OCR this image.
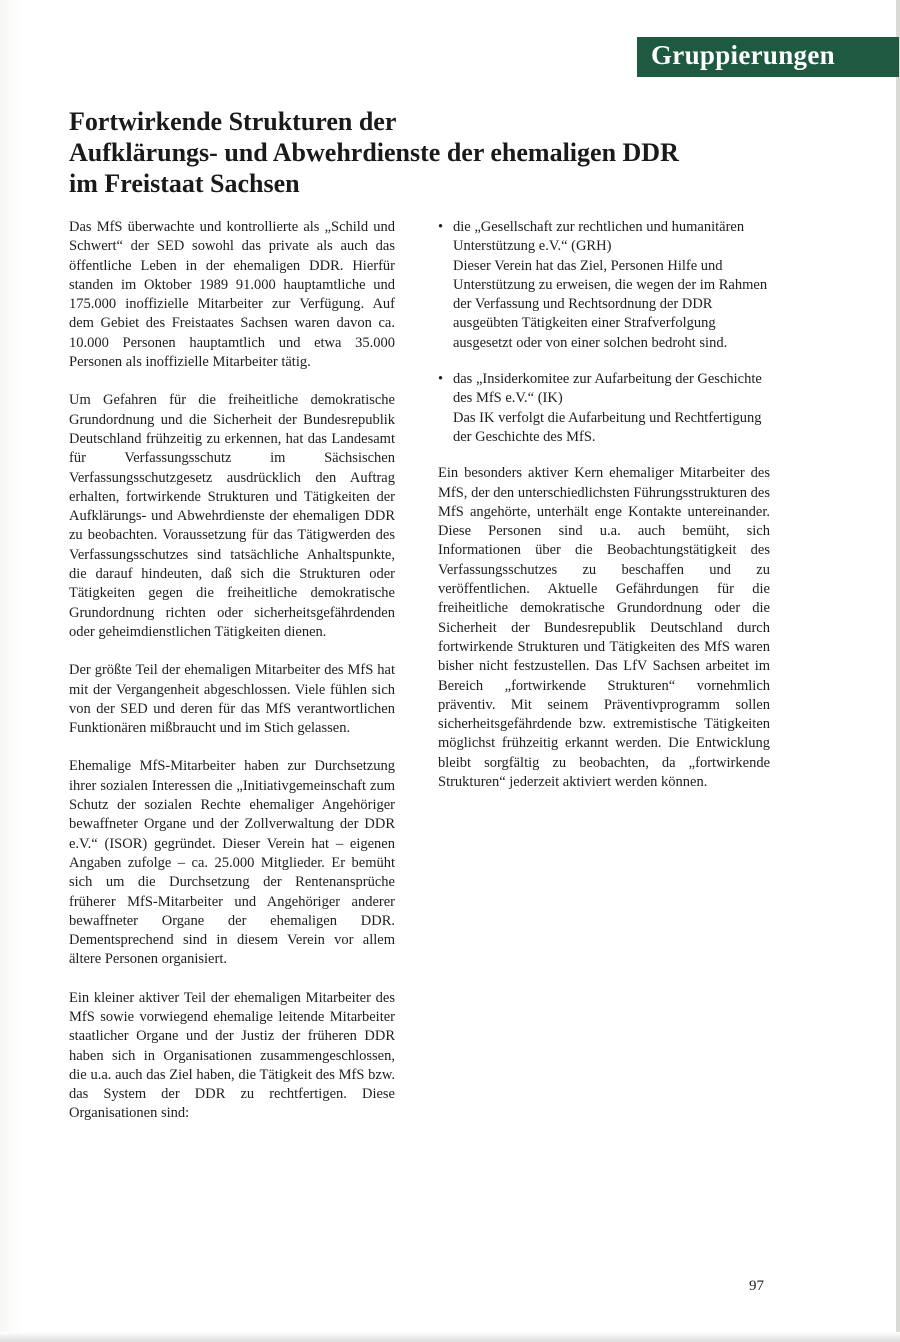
Gruppierungen
Fortwirkende Strukturen der
Aufklärungs- und Abwehrdienste der ehemaligen DDR
im Freistaat Sachsen

Das MfS überwachte und kontrollierte als „Schild und Schwert“ der SED sowohl das private als auch das öffentliche Leben in der ehemaligen DDR. Hierfür standen im Oktober 1989 91.000 hauptamtliche und 175.000 inoffizielle Mitarbeiter zur Verfügung. Auf dem Gebiet des Freistaates Sachsen waren davon ca. 10.000 Personen hauptamtlich und etwa 35.000 Personen als inoffizielle Mitarbeiter tätig.

Um Gefahren für die freiheitliche demokratische Grundordnung und die Sicherheit der Bundesrepublik Deutschland frühzeitig zu erkennen, hat das Landesamt für Verfassungsschutz im Sächsischen Verfassungsschutzgesetz ausdrücklich den Auftrag erhalten, fortwirkende Strukturen und Tätigkeiten der Aufklärungs- und Abwehrdienste der ehemaligen DDR zu beobachten. Voraussetzung für das Tätigwerden des Verfassungsschutzes sind tatsächliche Anhaltspunkte, die darauf hindeuten, daß sich die Strukturen oder Tätigkeiten gegen die freiheitliche demokratische Grundordnung richten oder sicherheitsgefährdenden oder geheimdienstlichen Tätigkeiten dienen.

Der größte Teil der ehemaligen Mitarbeiter des MfS hat mit der Vergangenheit abgeschlossen. Viele fühlen sich von der SED und deren für das MfS verantwortlichen Funktionären mißbraucht und im Stich gelassen.

Ehemalige MfS-Mitarbeiter haben zur Durchsetzung ihrer sozialen Interessen die „Initiativgemeinschaft zum Schutz der sozialen Rechte ehemaliger Angehöriger bewaffneter Organe und der Zollverwaltung der DDR e.V.“ (ISOR) gegründet. Dieser Verein hat – eigenen Angaben zufolge – ca. 25.000 Mitglieder. Er bemüht sich um die Durchsetzung der Rentenansprüche früherer MfS-Mitarbeiter und Angehöriger anderer bewaffneter Organe der ehemaligen DDR. Dementsprechend sind in diesem Verein vor allem ältere Personen organisiert.

Ein kleiner aktiver Teil der ehemaligen Mitarbeiter des MfS sowie vorwiegend ehemalige leitende Mitarbeiter staatlicher Organe und der Justiz der früheren DDR haben sich in Organisationen zusammengeschlossen, die u.a. auch das Ziel haben, die Tätigkeit des MfS bzw. das System der DDR zu rechtfertigen. Diese Organisationen sind:

• die „Gesellschaft zur rechtlichen und humanitären Unterstützung e.V.“ (GRH)
Dieser Verein hat das Ziel, Personen Hilfe und Unterstützung zu erweisen, die wegen der im Rahmen der Verfassung und Rechtsordnung der DDR ausgeübten Tätigkeiten einer Strafverfolgung ausgesetzt oder von einer solchen bedroht sind.
• das „Insiderkomitee zur Aufarbeitung der Geschichte des MfS e.V.“ (IK)
Das IK verfolgt die Aufarbeitung und Rechtfertigung der Geschichte des MfS.

Ein besonders aktiver Kern ehemaliger Mitarbeiter des MfS, der den unterschiedlichsten Führungsstrukturen des MfS angehörte, unterhält enge Kontakte untereinander. Diese Personen sind u.a. auch bemüht, sich Informationen über die Beobachtungstätigkeit des Verfassungsschutzes zu beschaffen und zu veröffentlichen. Aktuelle Gefährdungen für die freiheitliche demokratische Grundordnung oder die Sicherheit der Bundesrepublik Deutschland durch fortwirkende Strukturen und Tätigkeiten des MfS waren bisher nicht festzustellen. Das LfV Sachsen arbeitet im Bereich „fortwirkende Strukturen“ vornehmlich präventiv. Mit seinem Präventivprogramm sollen sicherheitsgefährdende bzw. extremistische Tätigkeiten möglichst frühzeitig erkannt werden. Die Entwicklung bleibt sorgfältig zu beobachten, da „fortwirkende Strukturen“ jederzeit aktiviert werden können.

97
